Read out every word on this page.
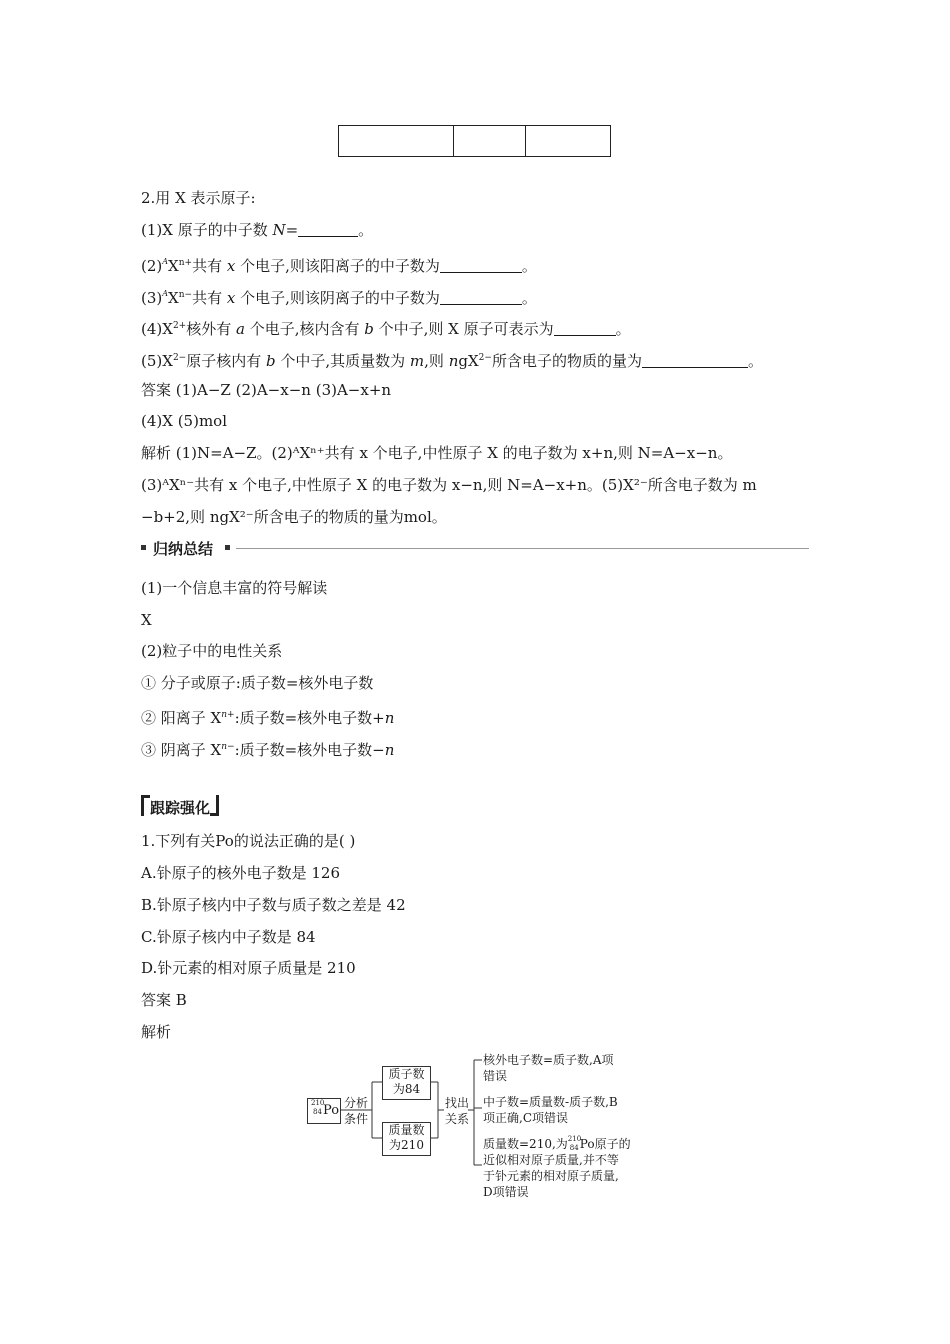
2.用 X 表示原子:
(1)X 原子的中子数 N=	。
$(2)^AX^{n+}$共有 x 个电子,则该阳离子的中子数为	。
$(3)^AX^{n-}$共有 x 个电子,则该阴离子的中子数为	。
$(4)X^{2+}$核外有 a 个电子,核内含有 b 个中子,则 X 原子可表示为	。
$(5)X^{2-}$原子核内有 b 个中子,其质量数为 m,则 ngX$^{2-}$所含电子的物质的量为	。
答案 (1)A−Z (2)A−x−n (3)A−x+n
(4)X (5)mol
解析 (1)N=A−Z。(2)ᴬXⁿ⁺共有 x 个电子,中性原子 X 的电子数为 x+n,则 N=A−x−n。
(3)ᴬXⁿ⁻共有 x 个电子,中性原子 X 的电子数为 x−n,则 N=A−x+n。(5)X²⁻所含电子数为 m
−b+2,则 ngX²⁻所含电子的物质的量为mol。
归纳总结
(1)一个信息丰富的符号解读
X
(2)粒子中的电性关系
① 分子或原子:质子数=核外电子数
② 阳离子 $X^{n+}$:质子数=核外电子数+n
③ 阴离子 $X^{n-}$:质子数=核外电子数−n
跟踪强化
1.下列有关Po的说法正确的是( )
A.钋原子的核外电子数是 126
B.钋原子核内中子数与质子数之差是 42
C.钋原子核内中子数是 84
D.钋元素的相对原子质量是 210
答案 B
解析
210
84 Po 分析
条件
质子数
为84
质量数
为210
找出
关系
核外电子数=质子数,A项
错误
中子数=质量数-质子数,B
项正确,C项错误
质量数=210,为 210
84 Po原子的
近似相对原子质量,并不等
于钋元素的相对原子质量,
D项错误
